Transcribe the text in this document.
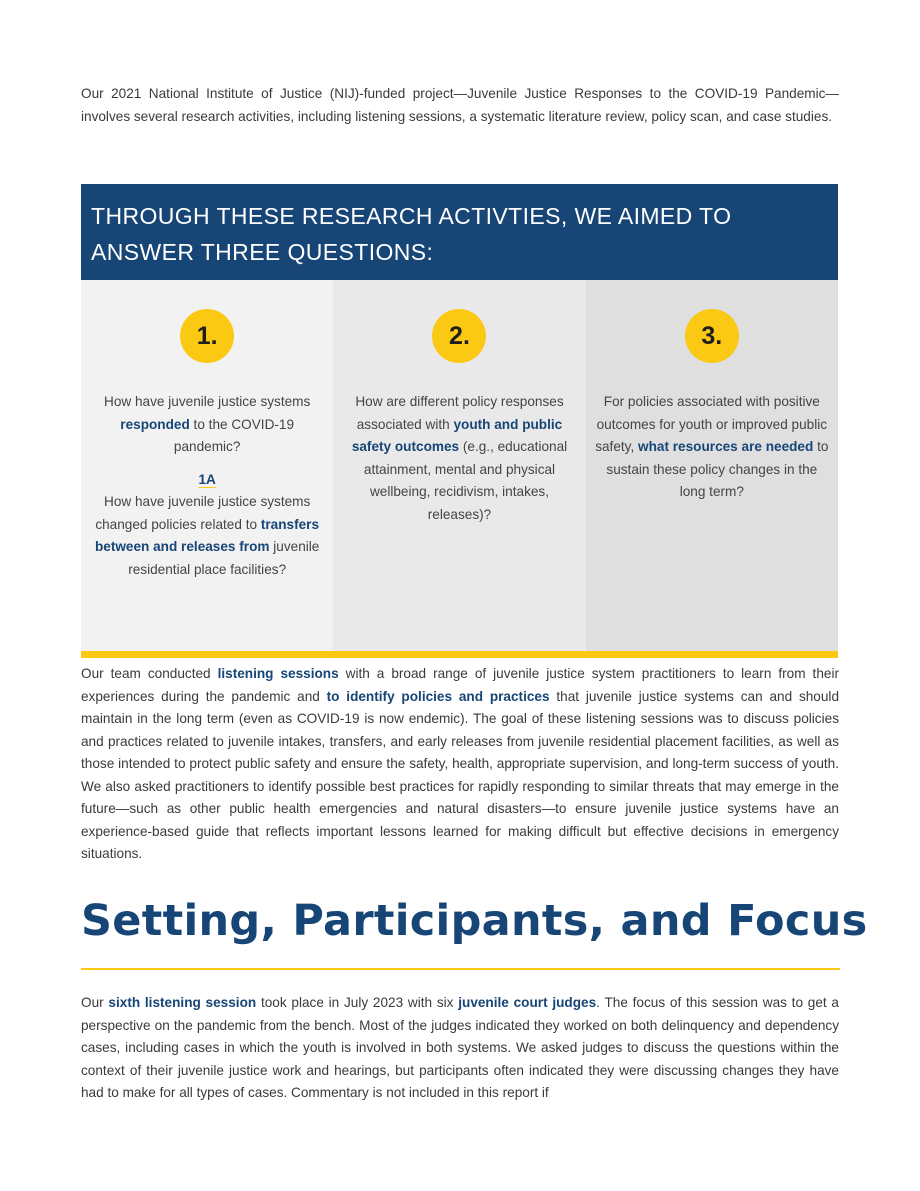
Our 2021 National Institute of Justice (NIJ)-funded project—Juvenile Justice Responses to the COVID-19 Pandemic—involves several research activities, including listening sessions, a systematic literature review, policy scan, and case studies.

THROUGH THESE RESEARCH ACTIVTIES, WE AIMED TO
ANSWER THREE QUESTIONS:
1.

How have juvenile justice systems responded to the COVID-19 pandemic?
1A
How have juvenile justice systems changed policies related to transfers between and releases from juvenile residential place facilities?

2.

How are different policy responses associated with youth and public safety outcomes (e.g., educational attainment, mental and physical wellbeing, recidivism, intakes, releases)?

3.

For policies associated with positive outcomes for youth or improved public safety, what resources are needed to sustain these policy changes in the long term?

Our team conducted listening sessions with a broad range of juvenile justice system practitioners to learn from their experiences during the pandemic and to identify policies and practices that juvenile justice systems can and should maintain in the long term (even as COVID-19 is now endemic). The goal of these listening sessions was to discuss policies and practices related to juvenile intakes, transfers, and early releases from juvenile residential placement facilities, as well as those intended to protect public safety and ensure the safety, health, appropriate supervision, and long-term success of youth. We also asked practitioners to identify possible best practices for rapidly responding to similar threats that may emerge in the future—such as other public health emergencies and natural disasters—to ensure juvenile justice systems have an experience-based guide that reflects important lessons learned for making difficult but effective decisions in emergency situations.

Setting, Participants, and Focus

Our sixth listening session took place in July 2023 with six juvenile court judges. The focus of this session was to get a perspective on the pandemic from the bench. Most of the judges indicated they worked on both delinquency and dependency cases, including cases in which the youth is involved in both systems. We asked judges to discuss the questions within the context of their juvenile justice work and hearings, but participants often indicated they were discussing changes they have had to make for all types of cases. Commentary is not included in this report if
